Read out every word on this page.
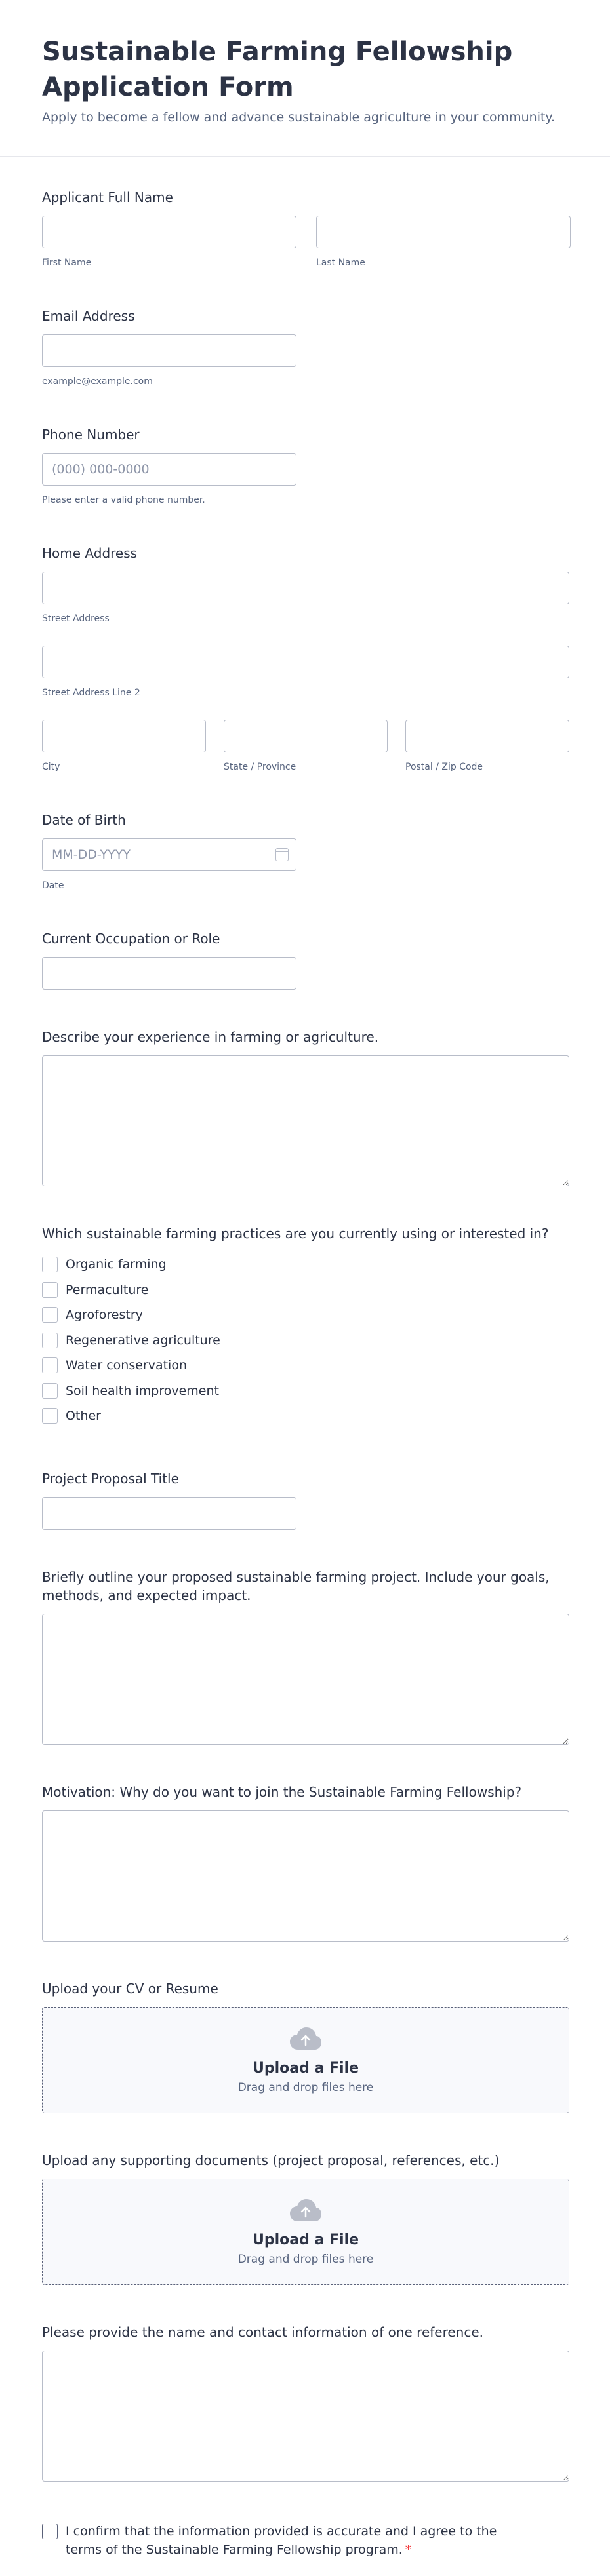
Sustainable Farming Fellowship Application Form

Apply to become a fellow and advance sustainable agriculture in your community.

Applicant Full Name
First Name	Last Name
Email Address
example@example.com
Phone Number
(000) 000-0000
Please enter a valid phone number.
Home Address
Street Address
Street Address Line 2
City	State / Province	Postal / Zip Code
Date of Birth
MM-DD-YYYY
Date
Current Occupation or Role
Describe your experience in farming or agriculture.
Which sustainable farming practices are you currently using or interested in?
Organic farming
Permaculture
Agroforestry
Regenerative agriculture
Water conservation
Soil health improvement
Other
Project Proposal Title
Briefly outline your proposed sustainable farming project. Include your goals, methods, and expected impact.
Motivation: Why do you want to join the Sustainable Farming Fellowship?
Upload your CV or Resume
Upload a File
Drag and drop files here
Upload any supporting documents (project proposal, references, etc.)
Upload a File
Drag and drop files here
Please provide the name and contact information of one reference.
I confirm that the information provided is accurate and I agree to the terms of the Sustainable Farming Fellowship program. *
